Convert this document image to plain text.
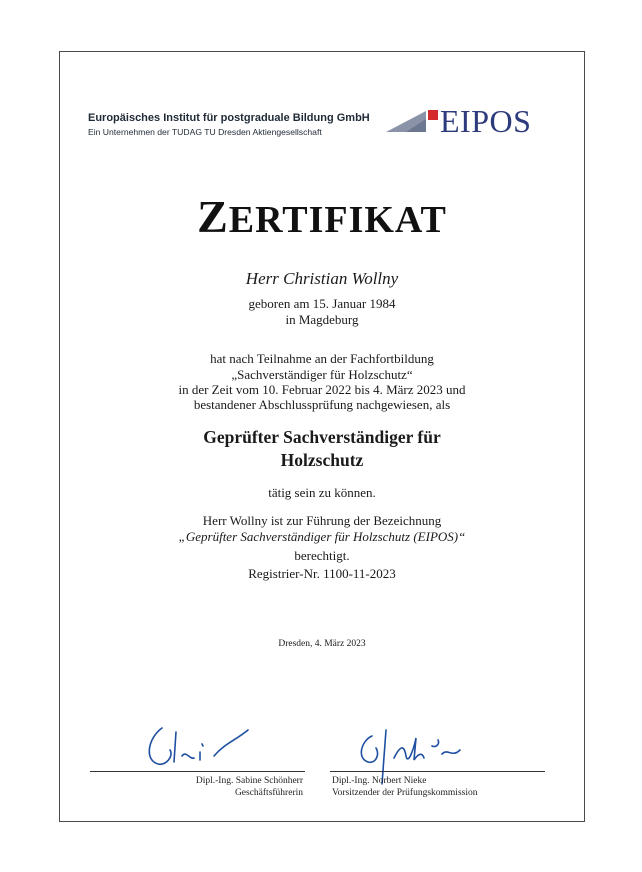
Europäisches Institut für postgraduale Bildung GmbH
Ein Unternehmen der TUDAG TU Dresden Aktiengesellschaft	EIPOS
ZERTIFIKAT
Herr Christian Wollny
geboren am 15. Januar 1984
in Magdeburg
hat nach Teilnahme an der Fachfortbildung
„Sachverständiger für Holzschutz“
in der Zeit vom 10. Februar 2022 bis 4. März 2023 und
bestandener Abschlussprüfung nachgewiesen, als
Geprüfter Sachverständiger für
Holzschutz
tätig sein zu können.
Herr Wollny ist zur Führung der Bezeichnung
„Geprüfter Sachverständiger für Holzschutz (EIPOS)“
berechtigt.
Registrier-Nr. 1100-11-2023
Dresden, 4. März 2023
Dipl.-Ing. Sabine Schönherr
Geschäftsführerin
Dipl.-Ing. Norbert Nieke
Vorsitzender der Prüfungskommission
